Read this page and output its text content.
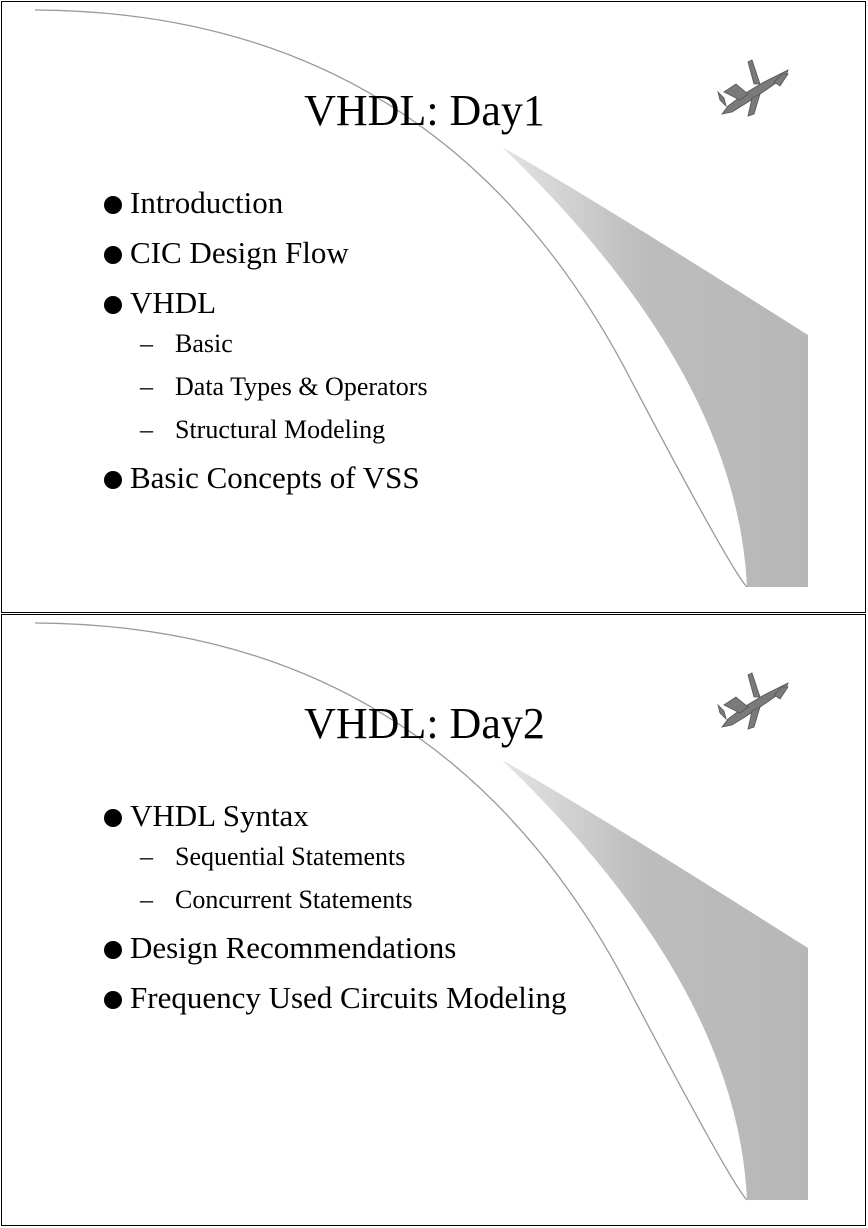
VHDL: Day1
Introduction
CIC Design Flow
VHDL
– Basic
– Data Types & Operators
– Structural Modeling
Basic Concepts of VSS
VHDL: Day2
VHDL Syntax
– Sequential Statements
– Concurrent Statements
Design Recommendations
Frequency Used Circuits Modeling
